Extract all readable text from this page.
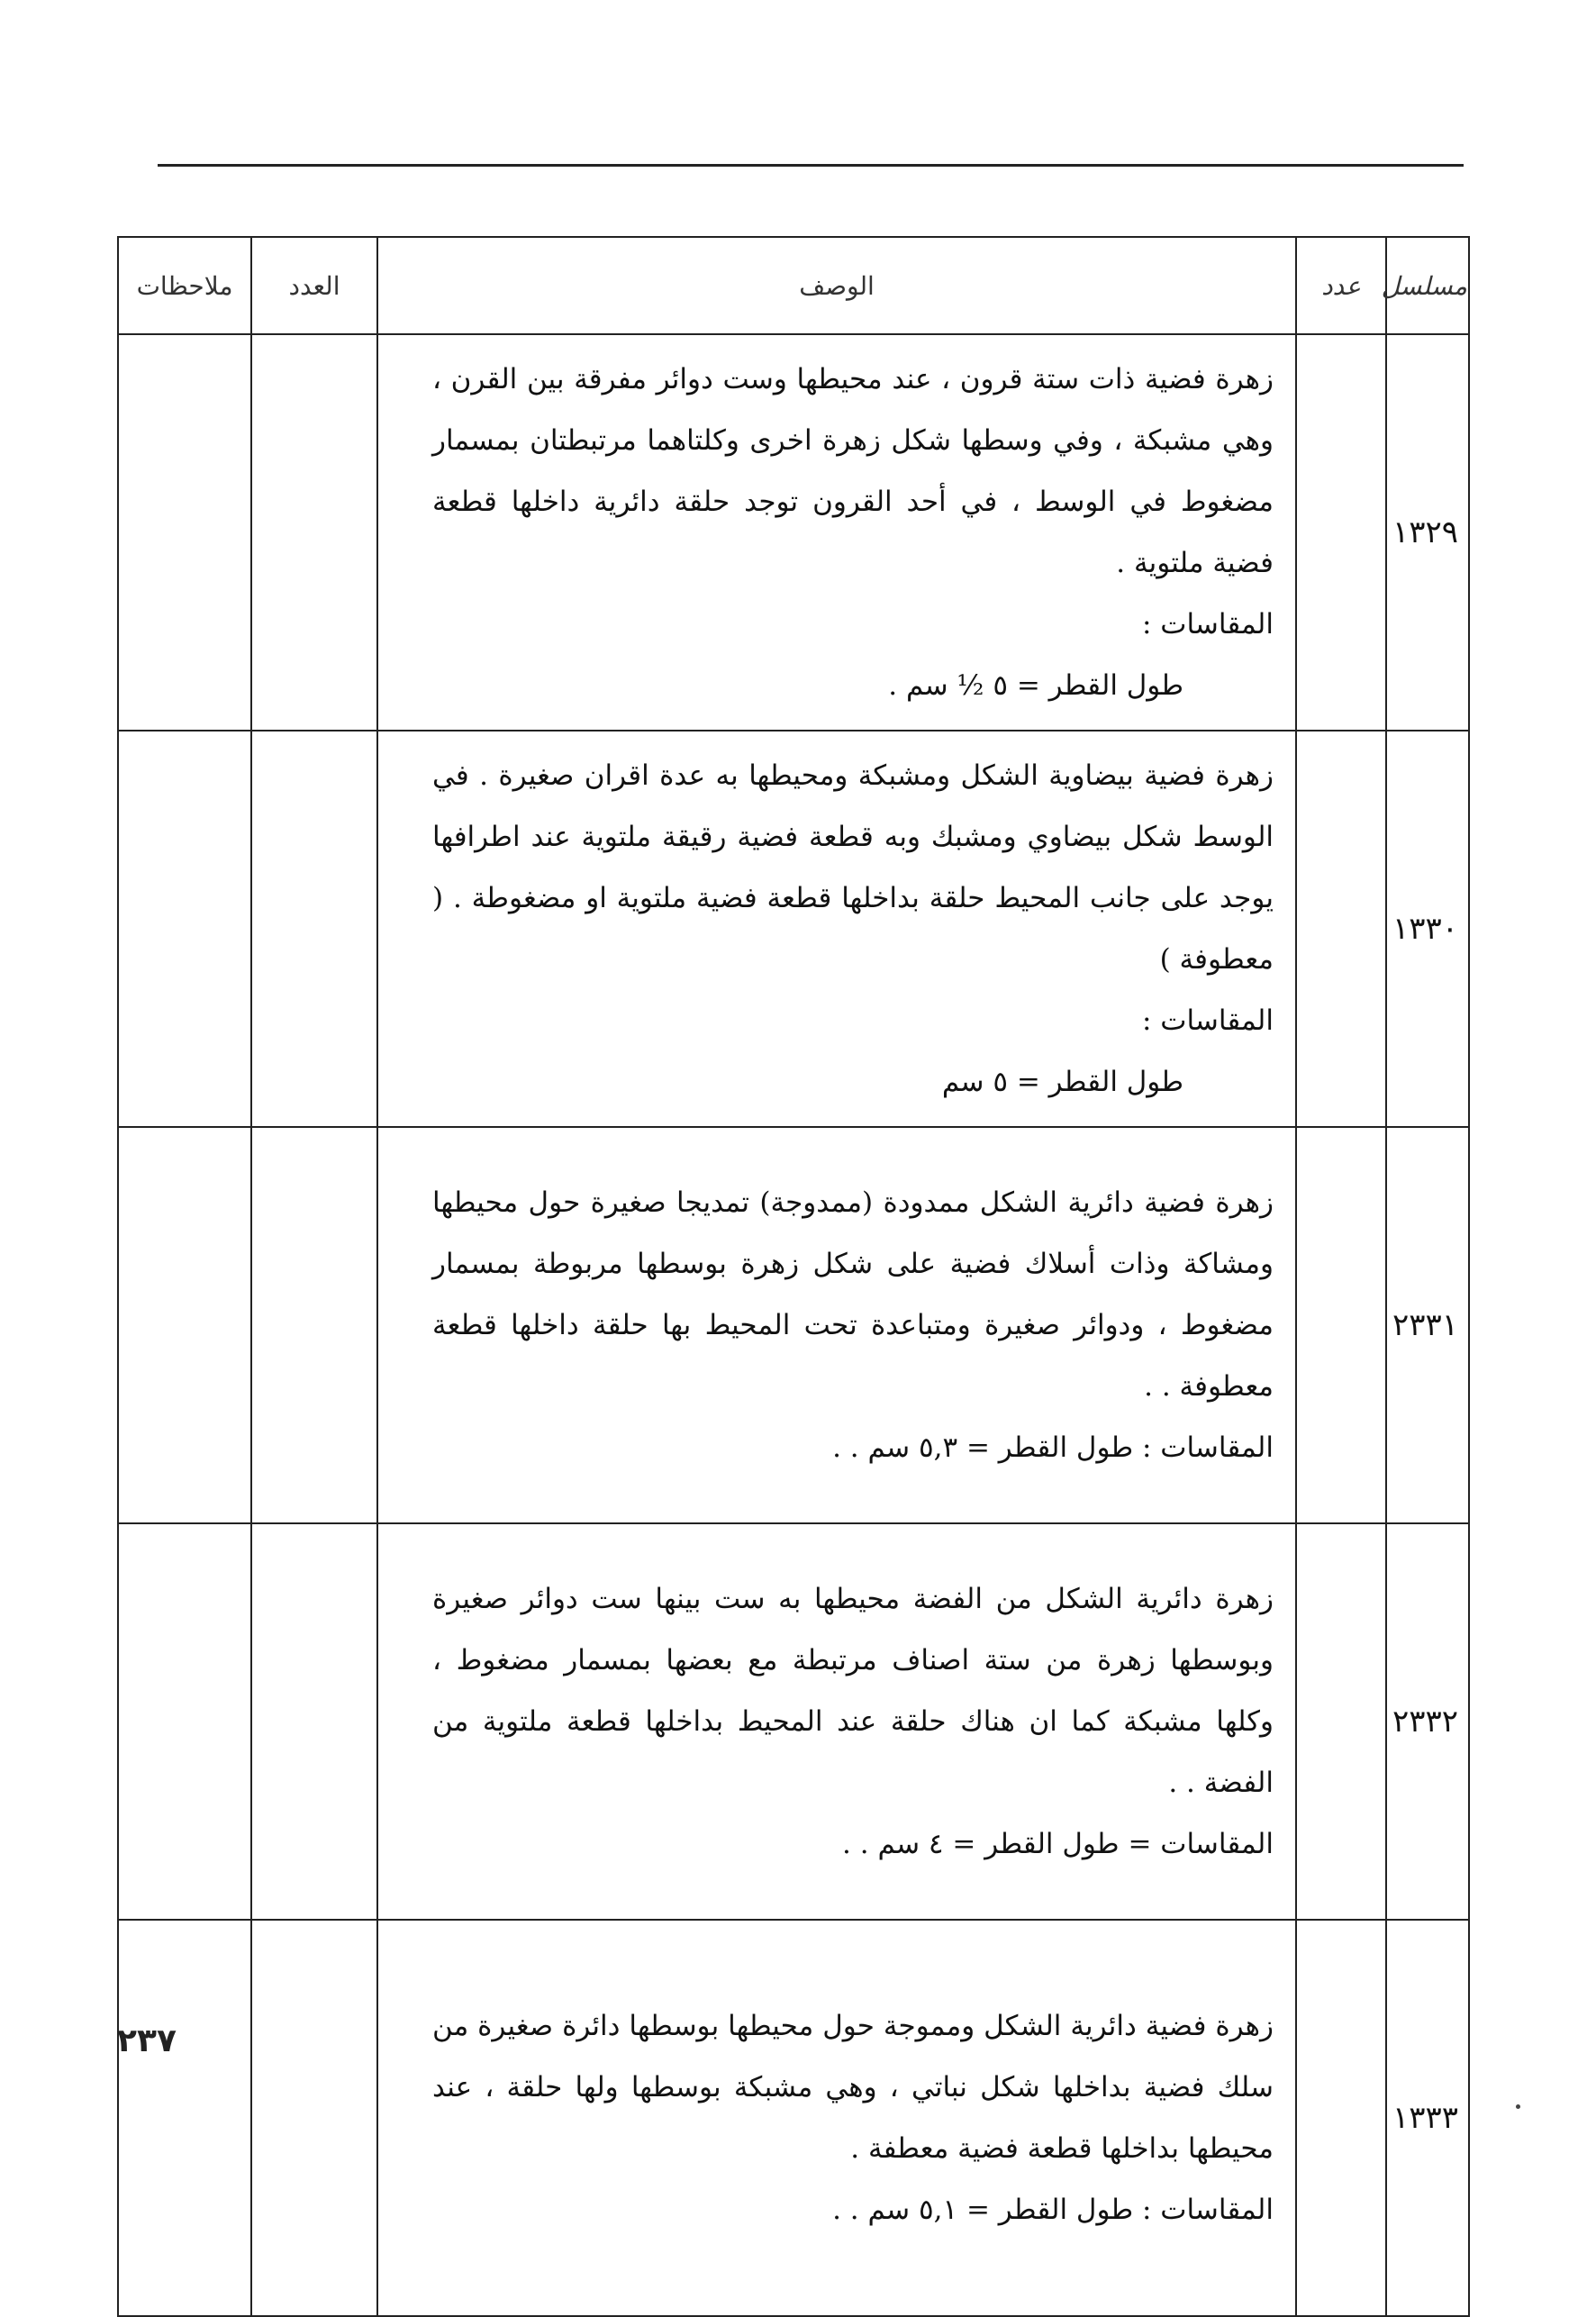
مسلسل	عدد	الوصف	العدد	ملاحظات
١٣٢٩		زهرة فضية ذات ستة قرون ، عند محيطها وست دوائر مفرقة بين القرن ، وهي مشبكة ، وفي وسطها شكل زهرة اخرى وكلتاهما مرتبطتان بمسمار مضغوط في الوسط ، في أحد القرون توجد حلقة دائرية داخلها قطعة فضية ملتوية .

المقاسات :

طول القطر = ٥ ½ سم .		

١٣٣٠		زهرة فضية بيضاوية الشكل ومشبكة ومحيطها به عدة اقران صغيرة . في الوسط شكل بيضاوي ومشبك وبه قطعة فضية رقيقة ملتوية عند اطرافها يوجد على جانب المحيط حلقة بداخلها قطعة فضية ملتوية او مضغوطة . ( معطوفة )

المقاسات :

طول القطر = ٥ سم		

٢٣٣١		زهرة فضية دائرية الشكل ممدودة (ممدوجة) تمديجا صغيرة حول محيطها ومشاكة وذات أسلاك فضية على شكل زهرة بوسطها مربوطة بمسمار مضغوط ، ودوائر صغيرة ومتباعدة تحت المحيط بها حلقة داخلها قطعة معطوفة . .

المقاسات : طول القطر = ٥,٣ سم . .		

٢٣٣٢		زهرة دائرية الشكل من الفضة محيطها به ست بينها ست دوائر صغيرة وبوسطها زهرة من ستة اصناف مرتبطة مع بعضها بمسمار مضغوط ، وكلها مشبكة كما ان هناك حلقة عند المحيط بداخلها قطعة ملتوية من الفضة . .

المقاسات = طول القطر = ٤ سم . .		

١٣٣٣		زهرة فضية دائرية الشكل ومموجة حول محيطها بوسطها دائرة صغيرة من سلك فضية بداخلها شكل نباتي ، وهي مشبكة بوسطها ولها حلقة ، عند محيطها بداخلها قطعة فضية معطفة .

المقاسات : طول القطر = ٥,١ سم . .		

٢٣٧
